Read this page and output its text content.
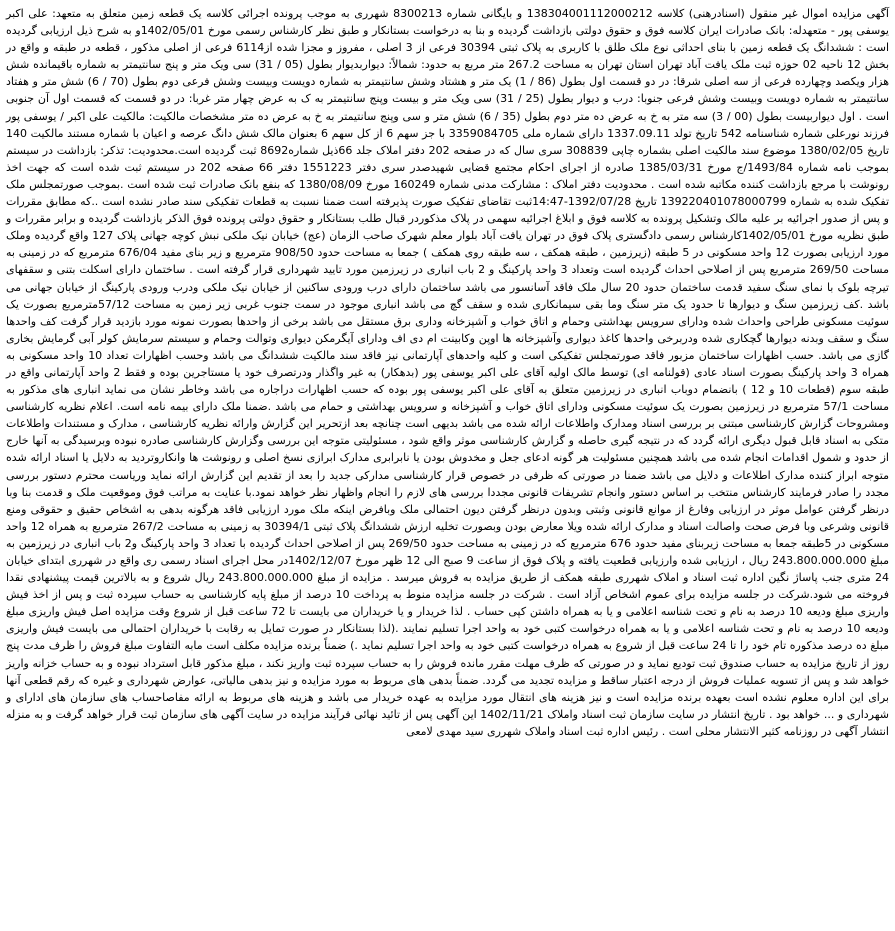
آگهی مزایده اموال غیر منقول (اسنادرهنی) کلاسه 138304001112000212 و بایگانی شماره 8300213 شهرری به موجب پرونده اجرائی کلاسه یک قطعه زمین متعلق به متعهد: علی اکبر یوسفی پور - متعهدله: بانک صادرات ایران کلاسه فوق و حقوق دولتی بازداشت گردیده و بنا به درخواست بستانکار و طبق نظر کارشناس رسمی مورخ 1402/05/01و به شرح ذیل ارزیابی گردیده است : ششدانگ یک قطعه زمین با بنای احداثی نوع ملک طلق با کاربری به پلاک ثبتی 30394 فرعی از 3 اصلی ، مفروز و مجزا شده از6114 فرعی از اصلی مذکور ، قطعه در طبقه و واقع در بخش 12 ناحیه 02 حوزه ثبت ملک یافت آباد تهران استان تهران به مساحت 267.2 متر مربع به حدود: شمالاً: دیواربدیوار بطول (05 / 31) سی ویک متر و پنج سانتیمتر به شماره باقیمانده شش هزار ویکصد وچهارده فرعی از سه اصلی شرقا: در دو قسمت اول بطول (86 / 1) یک متر و هشتاد وشش سانتیمتر به شماره دویست وبیست وشش فرعی دوم بطول (70 / 6) شش متر و هفتاد سانتیمتر به شماره دویست وبیست وشش فرعی جنوبا: درب و دیوار بطول (25 / 31) سی ویک متر و بیست وپنج سانتیمتر به ک به عرض چهار متر غربا: در دو قسمت که قسمت اول آن جنوبی است . اول دیواربیست بطول (00 / 3) سه متر به خ به عرض ده متر دوم بطول (35 / 6) شش متر و سی وپنج سانتیمتر به خ به عرض ده متر مشخصات مالکیت: مالکیت علی اکبر / یوسفی پور فرزند نورعلی شماره شناسنامه 542 تاریخ تولد 1337.09.11 دارای شماره ملی 3359084705 با جز سهم 6 از کل سهم 6 بعنوان مالک شش دانگ عرصه و اعیان با شماره مستند مالکیت 140 تاریخ 1380/02/05 موضوع سند مالکیت اصلی بشماره چاپی 308839 سری سال که در صفحه 202 دفتر املاک جلد 66ذیل شماره8692 ثبت گردیده است.محدودیت: تذکر: بازداشت در سیستم بموجب نامه شماره 1493/84/ج مورخ 1385/03/31 صادره از اجرای احکام مجتمع قضایی شهیدصدر سری دفتر 1551223 دفتر 66 صفحه 202 در سیستم ثبت شده است که جهت اخذ رونوشت با مرجع بازداشت کننده مکاتبه شده است . محدودیت دفتر املاک : مشارکت مدنی شماره 160249 مورخ 1380/08/09 که بنفع بانک صادرات ثبت شده است .بموجب صورتمجلس ملک تفکیک شده به شماره 139220401078000799 تاریخ 1392/07/28-14:47ثبت تقاضای تفکیک صورت پذیرفته است ضمنا نسبت به قطعات تفکیکی سند صادر نشده است ..که مطابق مقررات و پس از صدور اجرائیه بر علیه مالک وتشکیل پرونده به کلاسه فوق و ابلاغ اجرائیه سهمی در پلاک مذکوردر قبال طلب بستانکار و حقوق دولتی پرونده فوق الذکر بازداشت گردیده و برابر مقررات و طبق نظریه مورخ 1402/05/01کارشناس رسمی دادگستری پلاک فوق در تهران یافت آباد بلوار معلم شهرک صاحب الزمان (عج) خیابان نیک ملکی نبش کوچه جهانی پلاک 127 واقع گردیده وملک مورد ارزیابی بصورت 12 واحد مسکونی در 5 طبقه (زیرزمین ، طبقه همکف ، سه طبقه روی همکف ) جمعا به مساحت حدود 908/50 مترمربع و زیر بنای مفید 676/04 مترمربع که در زمینی به مساحت 269/50 مترمربع پس از اصلاحی احداث گردیده است وتعداد 3 واحد پارکینگ و 2 باب انباری در زیرزمین مورد تایید شهرداری قرار گرفته است . ساختمان دارای اسکلت بتنی و سقفهای تیرچه بلوک با نمای سنگ سفید قدمت ساختمان حدود 20 سال ملک فاقد آسانسور می باشد ساختمان دارای درب ورودی ساکنین از خیابان نیک ملکی ودرب ورودی پارکینگ از خیابان جهانی می باشد .کف زیرزمین سنگ و دیوارها تا حدود یک متر سنگ وما بقی سیمانکاری شده و سقف گچ می باشد انباری موجود در سمت جنوب غربی زیر زمین به مساحت 57/12مترمربع بصورت یک سوئیت مسکونی طراحی واحداث شده ودارای سرویس بهداشتی وحمام و اتاق خواب و آشپزخانه وداری برق مستقل می باشد برخی از واحدها بصورت نمونه مورد بازدید قرار گرفت کف واحدها سنگ و سقف وبدنه دیوارها گچکاری شده ودربرخی واحدها کاغذ دیواری وآشپزخانه ها اوپن وکابینت ام دی اف ودارای آیگرمکن دیواری وتوالت وحمام و سیستم سرمایش کولر آبی گرمایش بخاری گازی می باشد. حسب اظهارات ساختمان مزبور فاقد صورتمجلس تفکیکی است و کلیه واحدهای آپارتمانی نیز فاقد سند مالکیت ششدانگ می باشد وحسب اظهارات تعداد 10 واحد مسکونی به همراه 3 واحد پارکینگ بصورت اسناد عادی (قولنامه ای) توسط مالک اولیه آقای علی اکبر یوسفی پور (بدهکار) به غیر واگذار ودرتصرف خود یا مستاجرین بوده و فقط 2 واحد آپارتمانی واقع در طبقه سوم (قطعات 10 و 12 ) بانضمام دوباب انباری در زیرزمین متعلق به آقای علی اکبر یوسفی پور بوده که حسب اظهارات دراجاره می باشد وخاطر نشان می نماید انباری های مذکور به مساحت 57/1 مترمربع در زیرزمین بصورت یک سوئیت مسکونی ودارای اتاق خواب و آشپزخانه و سرویس بهداشتی و حمام می باشد .ضمنا ملک دارای بیمه نامه است. اعلام نظریه کارشناسی ومشروحات گزارش کارشناسی مبتنی بر بررسی اسناد ومدارک واطلاعات ارائه شده می باشد بدیهی است چنانچه بعد ازتحریر این گزارش وارائه نظریه کارشناسی ، مدارک و مستندات واطلاعات متکی به اسناد قابل قبول دیگری ارائه گردد که در نتیجه گیری حاصله و گزارش کارشناسی موثر واقع شود ، مسئولیتی متوجه این بررسی وگزارش کارشناسی صادره نبوده وبرسیدگی به آنها خارج از حدود و شمول اقدامات انجام شده می باشد همچنین مسئولیت هر گونه ادعای جعل و مخدوش بودن یا نابرابری مدارک ابرازی نسخ اصلی و رونوشت ها وانکاروتردید به دلایل یا اسناد ارائه شده متوجه ابراز کننده مدارک اطلاعات و دلایل می باشد ضمنا در صورتی که ظرفی در خصوص قرار کارشناسی مدارکی جدید را بعد از تقدیم این گزارش ارائه نماید وریاست محترم دستور بررسی مجدد را صادر فرمایند کارشناس منتخب بر اساس دستور وانجام تشریفات قانونی مجددا بررسی های لازم را انجام واظهار نظر خواهد نمود.با عنایت به مراتب فوق وموقعیت ملک و قدمت بنا وبا درنظر گرفتن عوامل موثر در ارزیابی وفارغ از موانع قانونی وثبتی وبدون درنظر گرفتن دیون احتمالی ملک وبافرض اینکه ملک مورد ارزیابی فاقد هرگونه بدهی به اشخاص حقیق و حقوقی ومنع قانونی وشرعی وبا فرض صحت واصالت اسناد و مدارک ارائه شده ویلا معارض بودن وبصورت تخلیه ارزش ششدانگ پلاک ثبتی 30394/1 به زمینی به مساحت 267/2 مترمربع به همراه 12 واحد مسکونی در 5طبقه جمعا به مساحت زیربنای مفید حدود 676 مترمربع که در زمینی به مساحت حدود 269/50 پس از اصلاحی احداث گردیده با تعداد 3 واحد پارکینگ و2 باب انباری در زیرزمین به مبلغ 243.800.000.000 ریال ، ارزیابی شده وارزیابی قطعیت یافته و پلاک فوق از ساعت 9 صبح الی 12 ظهر مورخ 1402/12/07در محل اجرای اسناد رسمی ری واقع در شهرری ابتدای خیابان 24 متری جنب پاساژ نگین اداره ثبت اسناد و املاک شهرری طبقه همکف از طریق مزایده به فروش میرسد . مزایده از مبلغ 243.800.000.000 ریال شروع و به بالاترین قیمت پیشنهادی نقدا فروخته می شود.شرکت در جلسه مزایده برای عموم اشخاص آزاد است . شرکت در جلسه مزایده منوط به پرداخت 10 درصد از مبلغ پایه کارشناسی به حساب سپرده ثبت و پس از اخذ فیش واریزی مبلغ ودیعه 10 درصد به نام و تحت شناسه اعلامی و یا به همراه داشتن کپی حساب . لذا خریدار و یا خریداران می بایست تا 72 ساعت قبل از شروع وقت مزایده اصل فیش واریزی مبلغ ودیعه 10 درصد به نام و تحت شناسه اعلامی و یا به همراه درخواست کتبی خود به واحد اجرا تسلیم نمایند .(لذا بستانکار در صورت تمایل به رقابت با خریداران احتمالی می بایست فیش واریزی مبلغ ده درصد مذکوره تام خود را تا 24 ساعت قبل از شروع به همراه درخواست کتبی خود به واحد اجرا تسلیم نماید .) ضمناً برنده مزایده مکلف است مابه التفاوت مبلغ فروش را ظرف مدت پنج روز از تاریخ مزایده به حساب صندوق ثبت تودیع نماید و در صورتی که ظرف مهلت مقرر مانده فروش را به حساب سپرده ثبت واریز نکند ، مبلغ مذکور قابل استرداد نبوده و به حساب خزانه واریز خواهد شد و پس از تسویه عملیات فروش از درجه اعتبار ساقط و مزایده تجدید می گردد. ضمناً بدهی های مربوط به مورد مزایده و نیز بدهی مالیاتی، عوارض شهرداری و غیره که رقم قطعی آنها برای این اداره معلوم نشده است بعهده برنده مزایده است و نیز هزینه های انتقال مورد مزایده به عهده خریدار می باشد و هزینه های مربوط به ارائه مفاصاحساب های سازمان های ادارای و شهرداری و ... خواهد بود . تاریخ انتشار در سایت سازمان ثبت اسناد واملاک 1402/11/21 این آگهی پس از تائید نهائی فرآیند مزایده در سایت آگهی های سازمان ثبت قرار خواهد گرفت و به منزله انتشار آگهی در روزنامه کثیر الانتشار محلی است . رئیس اداره ثبت اسناد واملاک شهرری سید مهدی لامعی
